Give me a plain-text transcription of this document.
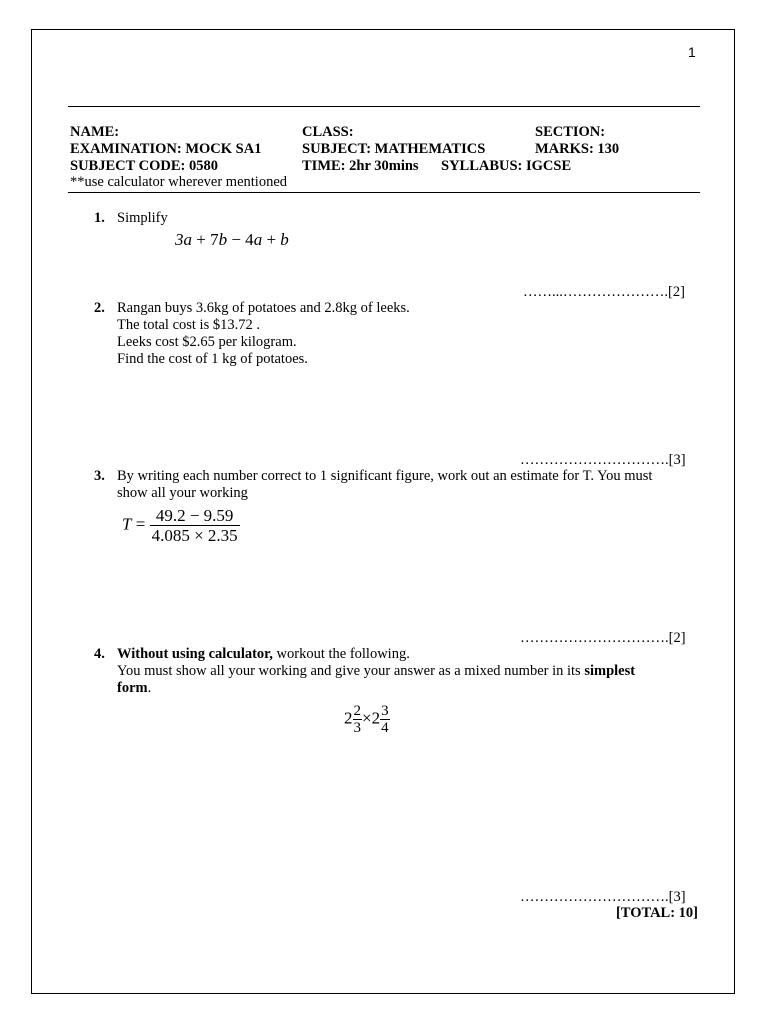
1
NAME:	CLASS:	SECTION:
EXAMINATION: MOCK SA1	SUBJECT: MATHEMATICS	MARKS: 130
SUBJECT CODE: 0580	TIME: 2hr 30mins SYLLABUS: IGCSE
**use calculator wherever mentioned
1. Simplify
3a + 7b − 4a + b
……...………………….[2]
2. Rangan buys 3.6kg of potatoes and 2.8kg of leeks.
The total cost is $13.72 .
Leeks cost $2.65 per kilogram.
Find the cost of 1 kg of potatoes.
………………………….[3]
3. By writing each number correct to 1 significant figure, work out an estimate for T. You must
show all your working
$T = \frac{49.2 - 9.59}{4.085 \times 2.35}$
………………………….[2]
4. Without using calculator, workout the following.
You must show all your working and give your answer as a mixed number in its simplest
form.
$2 \frac{2}{3} \times 2 \frac{3}{4}$
………………………….[3]
[TOTAL: 10]
